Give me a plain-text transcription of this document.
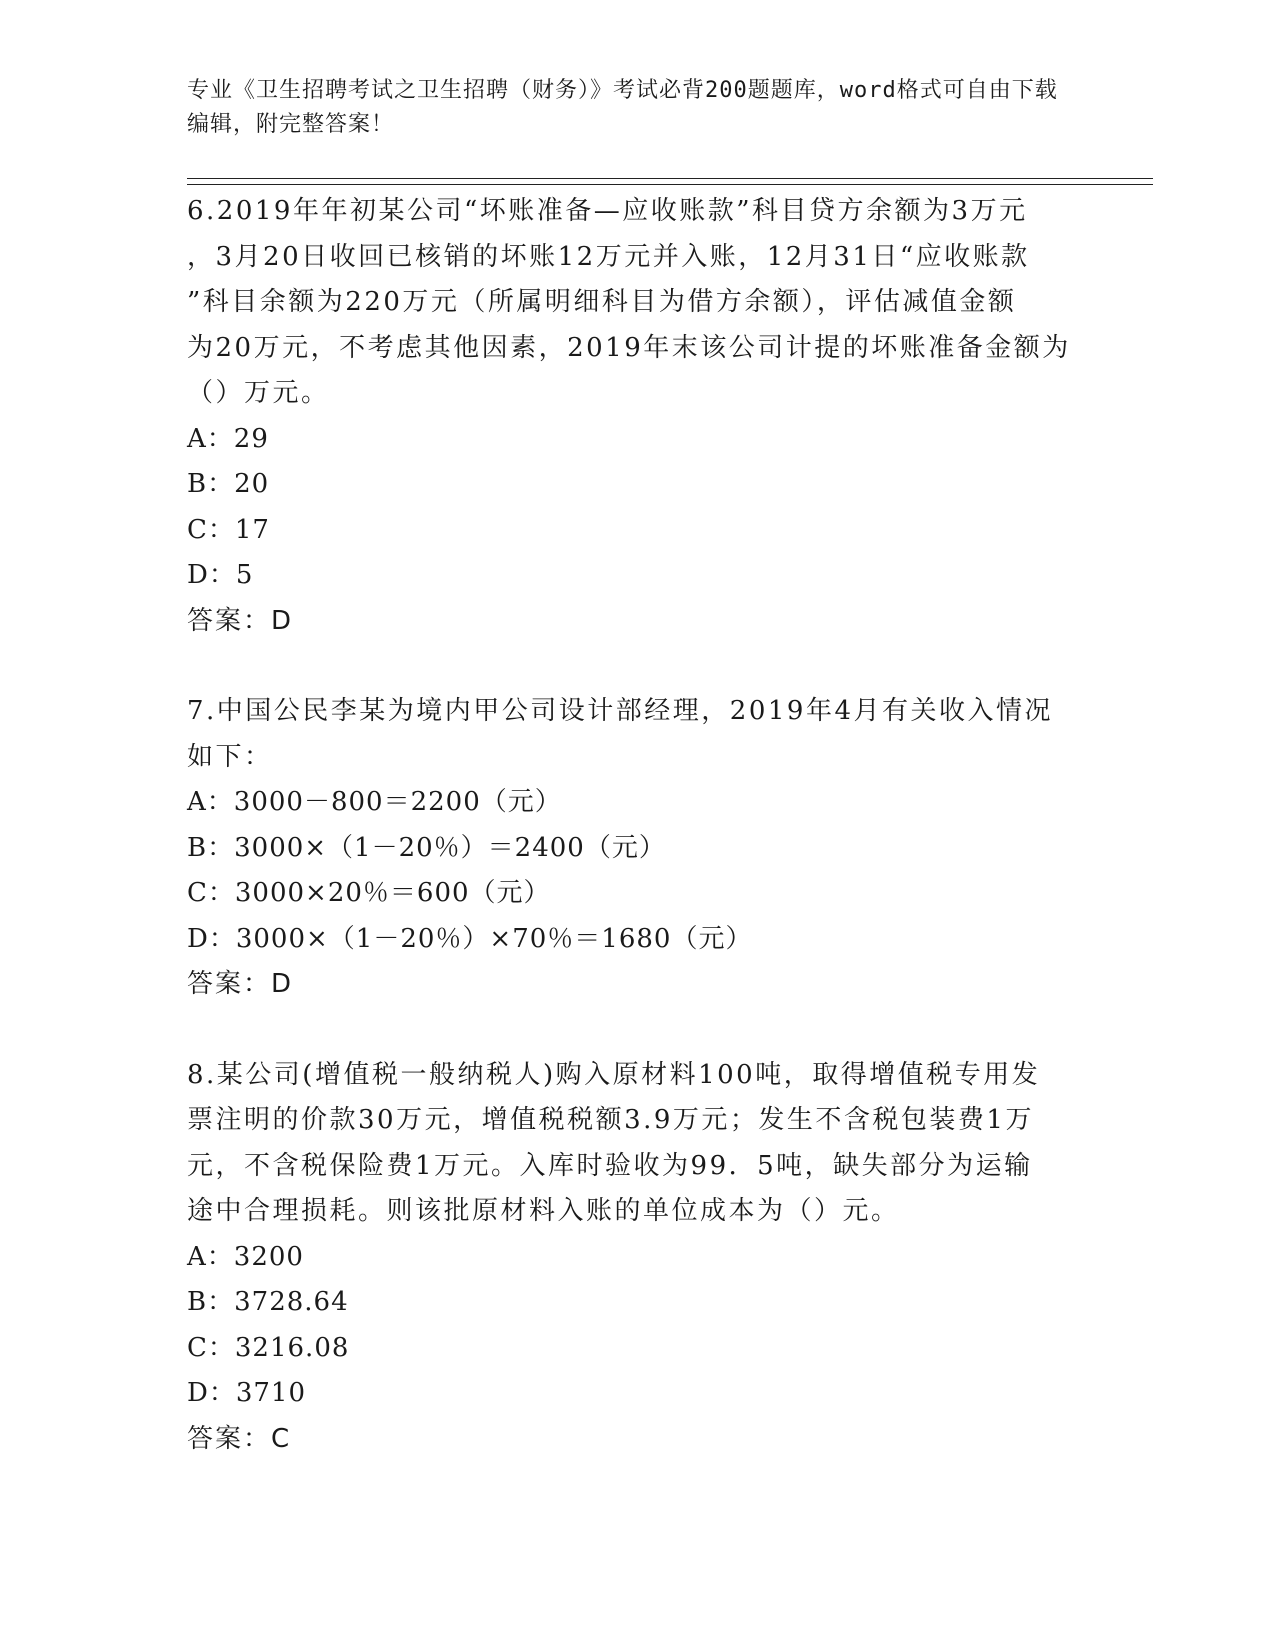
专业《卫生招聘考试之卫生招聘（财务）》考试必背200题题库，word格式可自由下载编辑，附完整答案！

6.2019年年初某公司“坏账准备—应收账款”科目贷方余额为3万元

，3月20日收回已核销的坏账12万元并入账，12月31日“应收账款

”科目余额为220万元（所属明细科目为借方余额），评估减值金额

为20万元，不考虑其他因素，2019年末该公司计提的坏账准备金额为

（）万元。

A：29

B：20

C：17

D：5

答案：D

7.中国公民李某为境内甲公司设计部经理，2019年4月有关收入情况

如下：

A：3000－800＝2200（元）

B：3000×（1－20％）＝2400（元）

C：3000×20％＝600（元）

D：3000×（1－20％）×70％＝1680（元）

答案：D

8.某公司(增值税一般纳税人)购入原材料100吨，取得增值税专用发

票注明的价款30万元，增值税税额3.9万元；发生不含税包装费1万

元，不含税保险费1万元。入库时验收为99．5吨，缺失部分为运输

途中合理损耗。则该批原材料入账的单位成本为（）元。

A：3200

B：3728.64

C：3216.08

D：3710

答案：C
